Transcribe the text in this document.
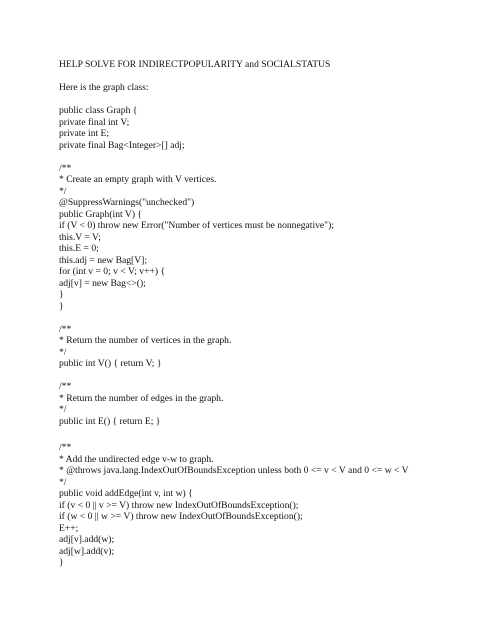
HELP SOLVE FOR INDIRECTPOPULARITY and SOCIALSTATUS
Here is the graph class:
public class Graph {
private final int V;
private int E;
private final Bag<Integer>[] adj;
/**
* Create an empty graph with V vertices.
*/
@SuppressWarnings("unchecked")
public Graph(int V) {
if (V < 0) throw new Error("Number of vertices must be nonnegative");
this.V = V;
this.E = 0;
this.adj = new Bag[V];
for (int v = 0; v < V; v++) {
adj[v] = new Bag<>();
}
}
/**
* Return the number of vertices in the graph.
*/
public int V() { return V; }
/**
* Return the number of edges in the graph.
*/
public int E() { return E; }
/**
* Add the undirected edge v-w to graph.
* @throws java.lang.IndexOutOfBoundsException unless both 0 <= v < V and 0 <= w < V
*/
public void addEdge(int v, int w) {
if (v < 0 || v >= V) throw new IndexOutOfBoundsException();
if (w < 0 || w >= V) throw new IndexOutOfBoundsException();
E++;
adj[v].add(w);
adj[w].add(v);
}
